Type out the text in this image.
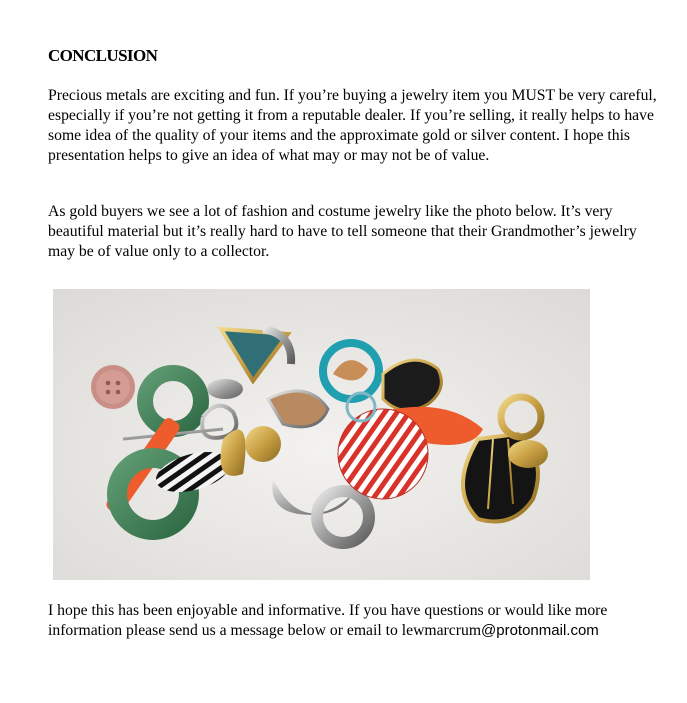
CONCLUSION

Precious metals are exciting and fun. If you’re buying a jewelry item you MUST be very careful, especially if you’re not getting it from a reputable dealer. If you’re selling, it really helps to have some idea of the quality of your items and the approximate gold or silver content. I hope this presentation helps to give an idea of what may or may not be of value.

As gold buyers we see a lot of fashion and costume jewelry like the photo below. It’s very beautiful material but it’s really hard to have to tell someone that their Grandmother’s jewelry may be of value only to a collector.

I hope this has been enjoyable and informative. If you have questions or would like more information please send us a message below or email to lewmarcrum@protonmail.com
